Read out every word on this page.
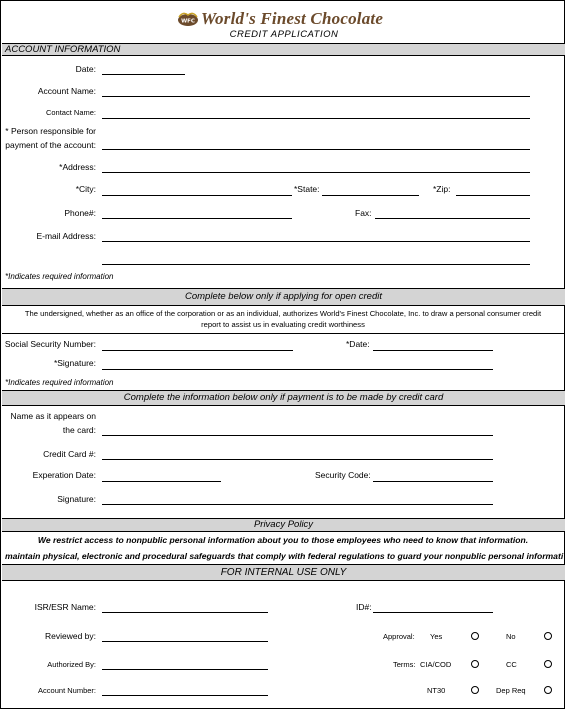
WFC World's Finest Chocolate
CREDIT APPLICATION
ACCOUNT INFORMATION
Date:
Account Name:
Contact Name:
* Person responsible for
payment of the account:
*Address:
*City:	*State:	*Zip:
Phone#:	Fax:
E-mail Address:
*Indicates required information
Complete below only if applying for open credit
The undersigned, whether as an office of the corporation or as an individual, authorizes World's Finest Chocolate, Inc. to draw a personal consumer credit
report to assist us in evaluating credit worthiness
Social Security Number:	*Date:
*Signature:
*Indicates required information
Complete the information below only if payment is to be made by credit card
Name as it appears on
the card:
Credit Card #:
Experation Date:	Security Code:
Signature:
Privacy Policy
We restrict access to nonpublic personal information about you to those employees who need to know that information.
maintain physical, electronic and procedural safeguards that comply with federal regulations to guard your nonpublic personal informati
FOR INTERNAL USE ONLY
ISR/ESR Name:	ID#:
Reviewed by:	Approval: Yes	No
Authorized By:	Terms: CIA/COD	CC
Account Number:	NT30	Dep Req
